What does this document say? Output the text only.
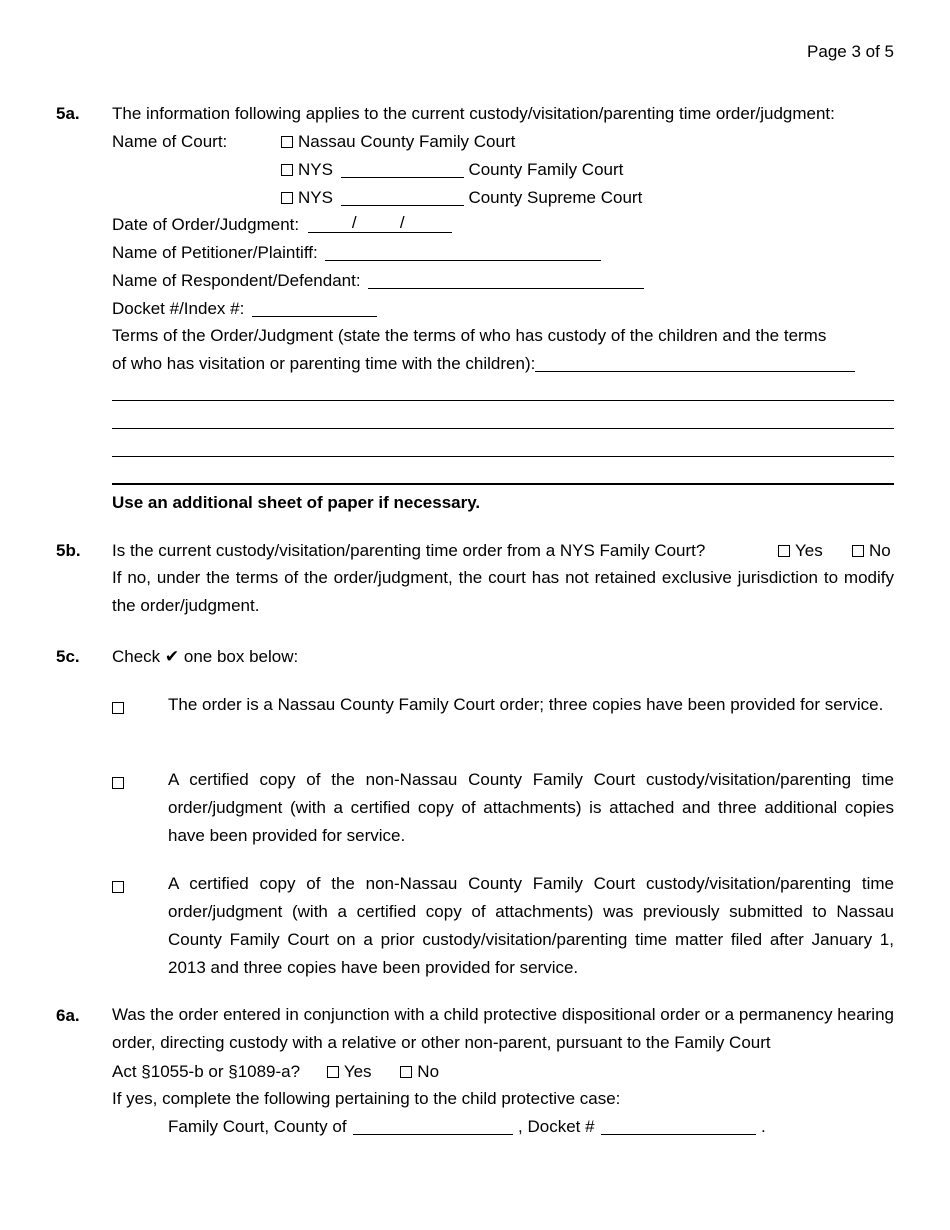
Page 3 of 5
5a. The information following applies to the current custody/visitation/parenting time order/judgment:
Name of Court:	Nassau County Family Court
NYS	County Family Court
NYS	County Supreme Court
Date of Order/Judgment:	/	/
Name of Petitioner/Plaintiff:
Name of Respondent/Defendant:
Docket #/Index #:
Terms of the Order/Judgment (state the terms of who has custody of the children and the terms
of who has visitation or parenting time with the children):
Use an additional sheet of paper if necessary.
5b. Is the current custody/visitation/parenting time order from a NYS Family Court?	Yes	No
If no, under the terms of the order/judgment, the court has not retained exclusive jurisdiction to modify the order/judgment.
5c. Check ✔ one box below:
The order is a Nassau County Family Court order; three copies have been provided for service.
A certified copy of the non-Nassau County Family Court custody/visitation/parenting time order/judgment (with a certified copy of attachments) is attached and three additional copies have been provided for service.
A certified copy of the non-Nassau County Family Court custody/visitation/parenting time order/judgment (with a certified copy of attachments) was previously submitted to Nassau County Family Court on a prior custody/visitation/parenting time matter filed after January 1, 2013 and three copies have been provided for service.
6a. Was the order entered in conjunction with a child protective dispositional order or a permanency hearing order, directing custody with a relative or other non-parent, pursuant to the Family Court
Act §1055-b or §1089-a?	Yes	No
If yes, complete the following pertaining to the child protective case:
Family Court, County of	, Docket #	.
